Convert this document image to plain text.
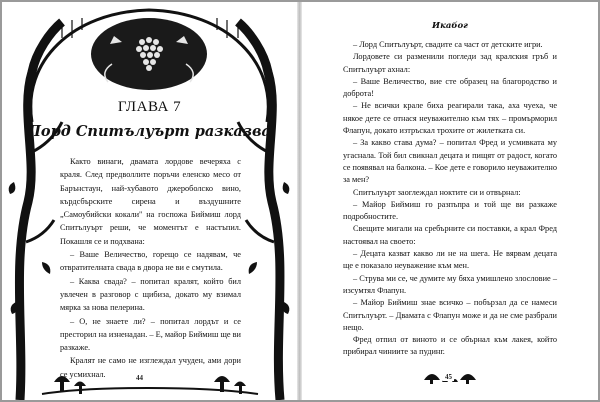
ГЛАВА 7
Лорд Спитълуърт разказва

Както винаги, двамата лордове вечеряха с краля. След предволлите поръчи еленско месо от Барънстаун, най-хубавото джероболско вино, кърдсбърските сирена и въздушните „Самоубийски кокали" на госпожа Биймиш лорд Спитълуърт реши, че моментът е настъпил. Покашля се и подхвана:

– Ваше Величество, горещо се надявам, че отвратителната свада в двора не ви е смутила.

– Каква свада? – попитал кралят, който бил увлечен в разговор с щибиза, докато му взимал мярка за нова пелерина.

– О, не знаете ли? – попитал лордът и се престорил на изненадан. – Е, майор Биймиш ще ви разкаже.

Кралят не само не изглеждал учуден, ами дори се усмихнал.	44
Икабог

– Лорд Спитълуърт, свадите са част от детските игри.

Лордовете си разменили погледи зад кралския гръб и Спитълуърт ахнал:

– Ваше Величество, вие сте образец на благородство и доброта!

– Не всички крале биха реагирали така, аха чуеха, че някое дете се отнася неуважително към тях – промърморил Флапун, докато изтръскал трохите от жилетката си.

– За какво става дума? – попитал Фред и усмивката му угаснала. Той бил свикнал децата и пищят от радост, когато се появявал на балкона. – Кое дете е говорило неуважително за мен?

Спитълуърт заоглеждал ноктите си и отвърнал:

– Майор Биймиш го разпъпра и той ще ви разкаже подробностите.

Свещите мигали на сребърните си поставки, а крал Фред настоявал на своето:

– Децата казват какво ли не на шега. Не вярвам децата ще е показало неуважение към мен.

– Струва ми се, че думите му бяха умишлено злословие – изсумтял Флапун.

– Майор Биймиш знае всичко – побързал да се намеси Спитълуърт. – Двамата с Флапун може и да не сме разбрали нещо.

Фред отпил от виното и се обърнал към лакея, който прибирал чиниите за пудинг.

45
